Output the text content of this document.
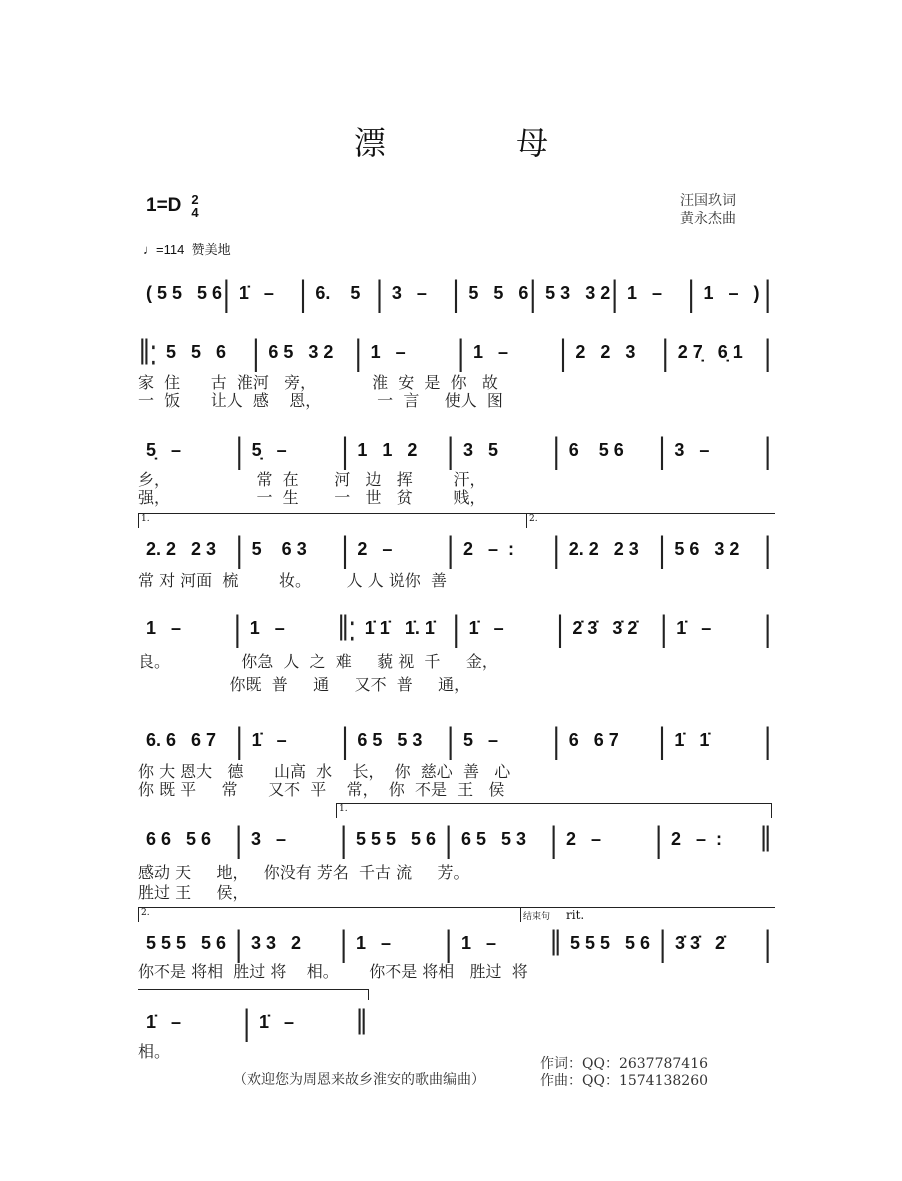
漂 母
1=D 2
4
汪国玖词
黄永杰曲
♩=114 赞美地
( 5 5   5 6 | 1̇   – | 6.    5 | 3   – | 5   5   6 | 5 3   3 2 | 1   – | 1   –   ) |
‖: 5   5   6	| 6 5   3 2 | 1   –	| 1   –	| 2   2   3	| 2 7̣   6̣ 1 |
家  住      古  淮河   旁，           淮  安  是  你   故
一  饭      让人  感    恩，           一  言     使人  图
5̣   –	| 5̣   –	| 1   1   2	| 3   5	| 6    5 6	| 3   –	|
乡，                 常  在       河   边   挥        汗，
强，                 一  生       一   世   贫        贱，
2. 2   2 3 | 5    6 3	| 2   –	| 2   –  :	| 2. 2   2 3 | 5 6   3 2 |
常 对 河面  梳        妆。       人 人 说你  善
1.	2.
1   –	| 1   –	‖: 1̇ 1̇   1̇. 1̇ | 1̇   –	| 2̇ 3̇   3̇ 2̇ | 1̇   –	|
良。              你急  人  之  难     藐 视  千     金，
你既  普     通     又不  普     通，
6. 6   6 7 | 1̇   –	| 6 5   5 3 | 5   –	| 6   6 7	| 1̇   1̇	|
你 大 恩大   德      山高  水    长，  你  慈心  善   心
你 既 平     常      又不  平    常，  你  不是  王   侯
6 6   5 6 | 3   –	| 5 5 5   5 6 | 6 5   5 3 | 2   –	| 2   –  :	‖
感动 天     地，   你没有 芳名  千古 流     芳。
胜过 王     侯，
1.
5 5 5   5 6 | 3 3   2	| 1   –	| 1   –	‖ 5 5 5   5 6 | 3̇ 3̇   2̇	|
你不是 将相  胜过 将    相。      你不是 将相   胜过  将
2.	结束句 rit.
1̇   –	| 1̇   –	‖
相。
（欢迎您为周恩来故乡淮安的歌曲编曲）
作词：QQ：2637787416
作曲：QQ：1574138260
